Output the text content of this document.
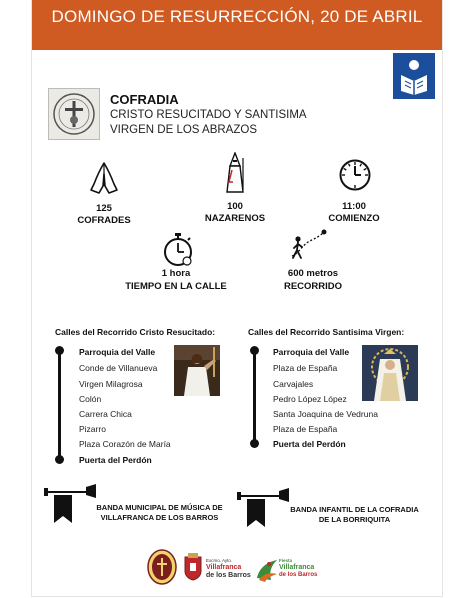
DOMINGO DE RESURRECCIÓN, 20 DE ABRIL
COFRADIA
CRISTO RESUCITADO Y SANTISIMA
VIRGEN DE LOS ABRAZOS
125
COFRADES
100
NAZARENOS
11:00
COMIENZO
1 hora
TIEMPO EN LA CALLE
600 metros
RECORRIDO
Calles del Recorrido Cristo Resucitado:	Calles del Recorrido Santisima Virgen:
Parroquia del Valle
Conde de Villanueva
Virgen Milagrosa
Colón
Carrera Chica
Pizarro
Plaza Corazón de María
Puerta del Perdón
Parroquia del Valle
Plaza de España
Carvajales
Pedro López López
Santa Joaquina de Vedruna
Plaza de España
Puerta del Perdón
BANDA MUNICIPAL DE MÚSICA DE
VILLAFRANCA DE LOS BARROS
BANDA INFANTIL DE LA COFRADIA
DE LA BORRIQUITA
Excmo. Ayto.
Villafranca
de los Barros
Fiesta
Villafranca
de los Barros
